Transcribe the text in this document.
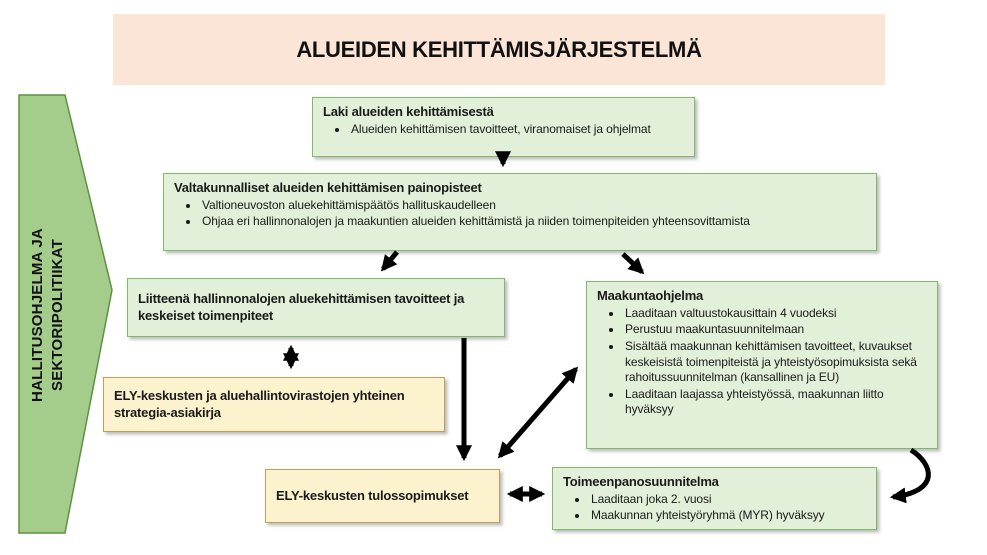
ALUEIDEN KEHITTÄMISJÄRJESTELMÄ
HALLITUSOHJELMA JA SEKTORIPOLITIIKAT

Laki alueiden kehittämisestä

• Alueiden kehittämisen tavoitteet, viranomaiset ja ohjelmat

Valtakunnalliset alueiden kehittämisen painopisteet

• Valtioneuvoston aluekehittämispäätös hallituskaudelleen
• Ohjaa eri hallinnonalojen ja maakuntien alueiden kehittämistä ja niiden toimenpiteiden yhteensovittamista

Liitteenä hallinnonalojen aluekehittämisen tavoitteet ja keskeiset toimenpiteet

Maakuntaohjelma

• Laaditaan valtuustokausittain 4 vuodeksi
• Perustuu maakuntasuunnitelmaan
• Sisältää maakunnan kehittämisen tavoitteet, kuvaukset keskeisistä toimenpiteistä ja yhteistyösopimuksista sekä rahoitussuunnitelman (kansallinen ja EU)
• Laaditaan laajassa yhteistyössä, maakunnan liitto hyväksyy

ELY-keskusten ja aluehallintovirastojen yhteinen strategia-asiakirja

ELY-keskusten tulossopimukset

Toimeenpanosuunnitelma

• Laaditaan joka 2. vuosi
• Maakunnan yhteistyöryhmä (MYR) hyväksyy
